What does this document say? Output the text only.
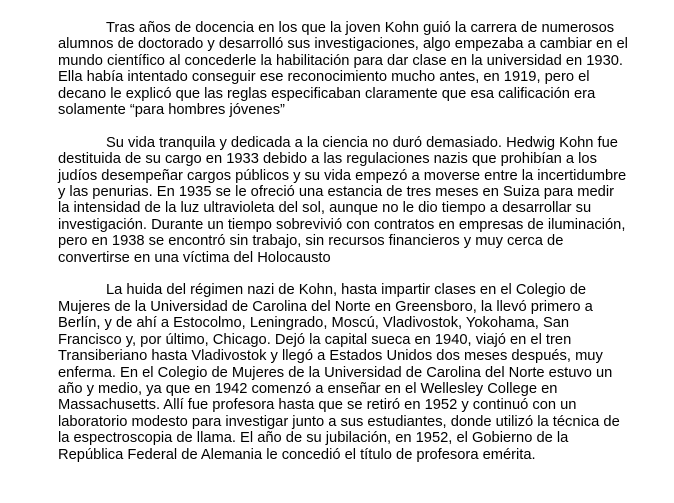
Tras años de docencia en los que la joven Kohn guió la carrera de numerosos alumnos de doctorado y desarrolló sus investigaciones, algo empezaba a cambiar en el mundo científico al concederle la habilitación para dar clase en la universidad en 1930. Ella había intentado conseguir ese reconocimiento mucho antes, en 1919, pero el decano le explicó que las reglas especificaban claramente que esa calificación era solamente “para hombres jóvenes”

Su vida tranquila y dedicada a la ciencia no duró demasiado. Hedwig Kohn fue destituida de su cargo en 1933 debido a las regulaciones nazis que prohibían a los judíos desempeñar cargos públicos y su vida empezó a moverse entre la incertidumbre y las penurias. En 1935 se le ofreció una estancia de tres meses en Suiza para medir la intensidad de la luz ultravioleta del sol, aunque no le dio tiempo a desarrollar su investigación. Durante un tiempo sobrevivió con contratos en empresas de iluminación, pero en 1938 se encontró sin trabajo, sin recursos financieros y muy cerca de convertirse en una víctima del Holocausto

La huida del régimen nazi de Kohn, hasta impartir clases en el Colegio de Mujeres de la Universidad de Carolina del Norte en Greensboro, la llevó primero a Berlín, y de ahí a Estocolmo, Leningrado, Moscú, Vladivostok, Yokohama, San Francisco y, por último, Chicago. Dejó la capital sueca en 1940, viajó en el tren Transiberiano hasta Vladivostok y llegó a Estados Unidos dos meses después, muy enferma. En el Colegio de Mujeres de la Universidad de Carolina del Norte estuvo un año y medio, ya que en 1942 comenzó a enseñar en el Wellesley College en Massachusetts. Allí fue profesora hasta que se retiró en 1952 y continuó con un laboratorio modesto para investigar junto a sus estudiantes, donde utilizó la técnica de la espectroscopia de llama. El año de su jubilación, en 1952, el Gobierno de la República Federal de Alemania le concedió el título de profesora emérita.
